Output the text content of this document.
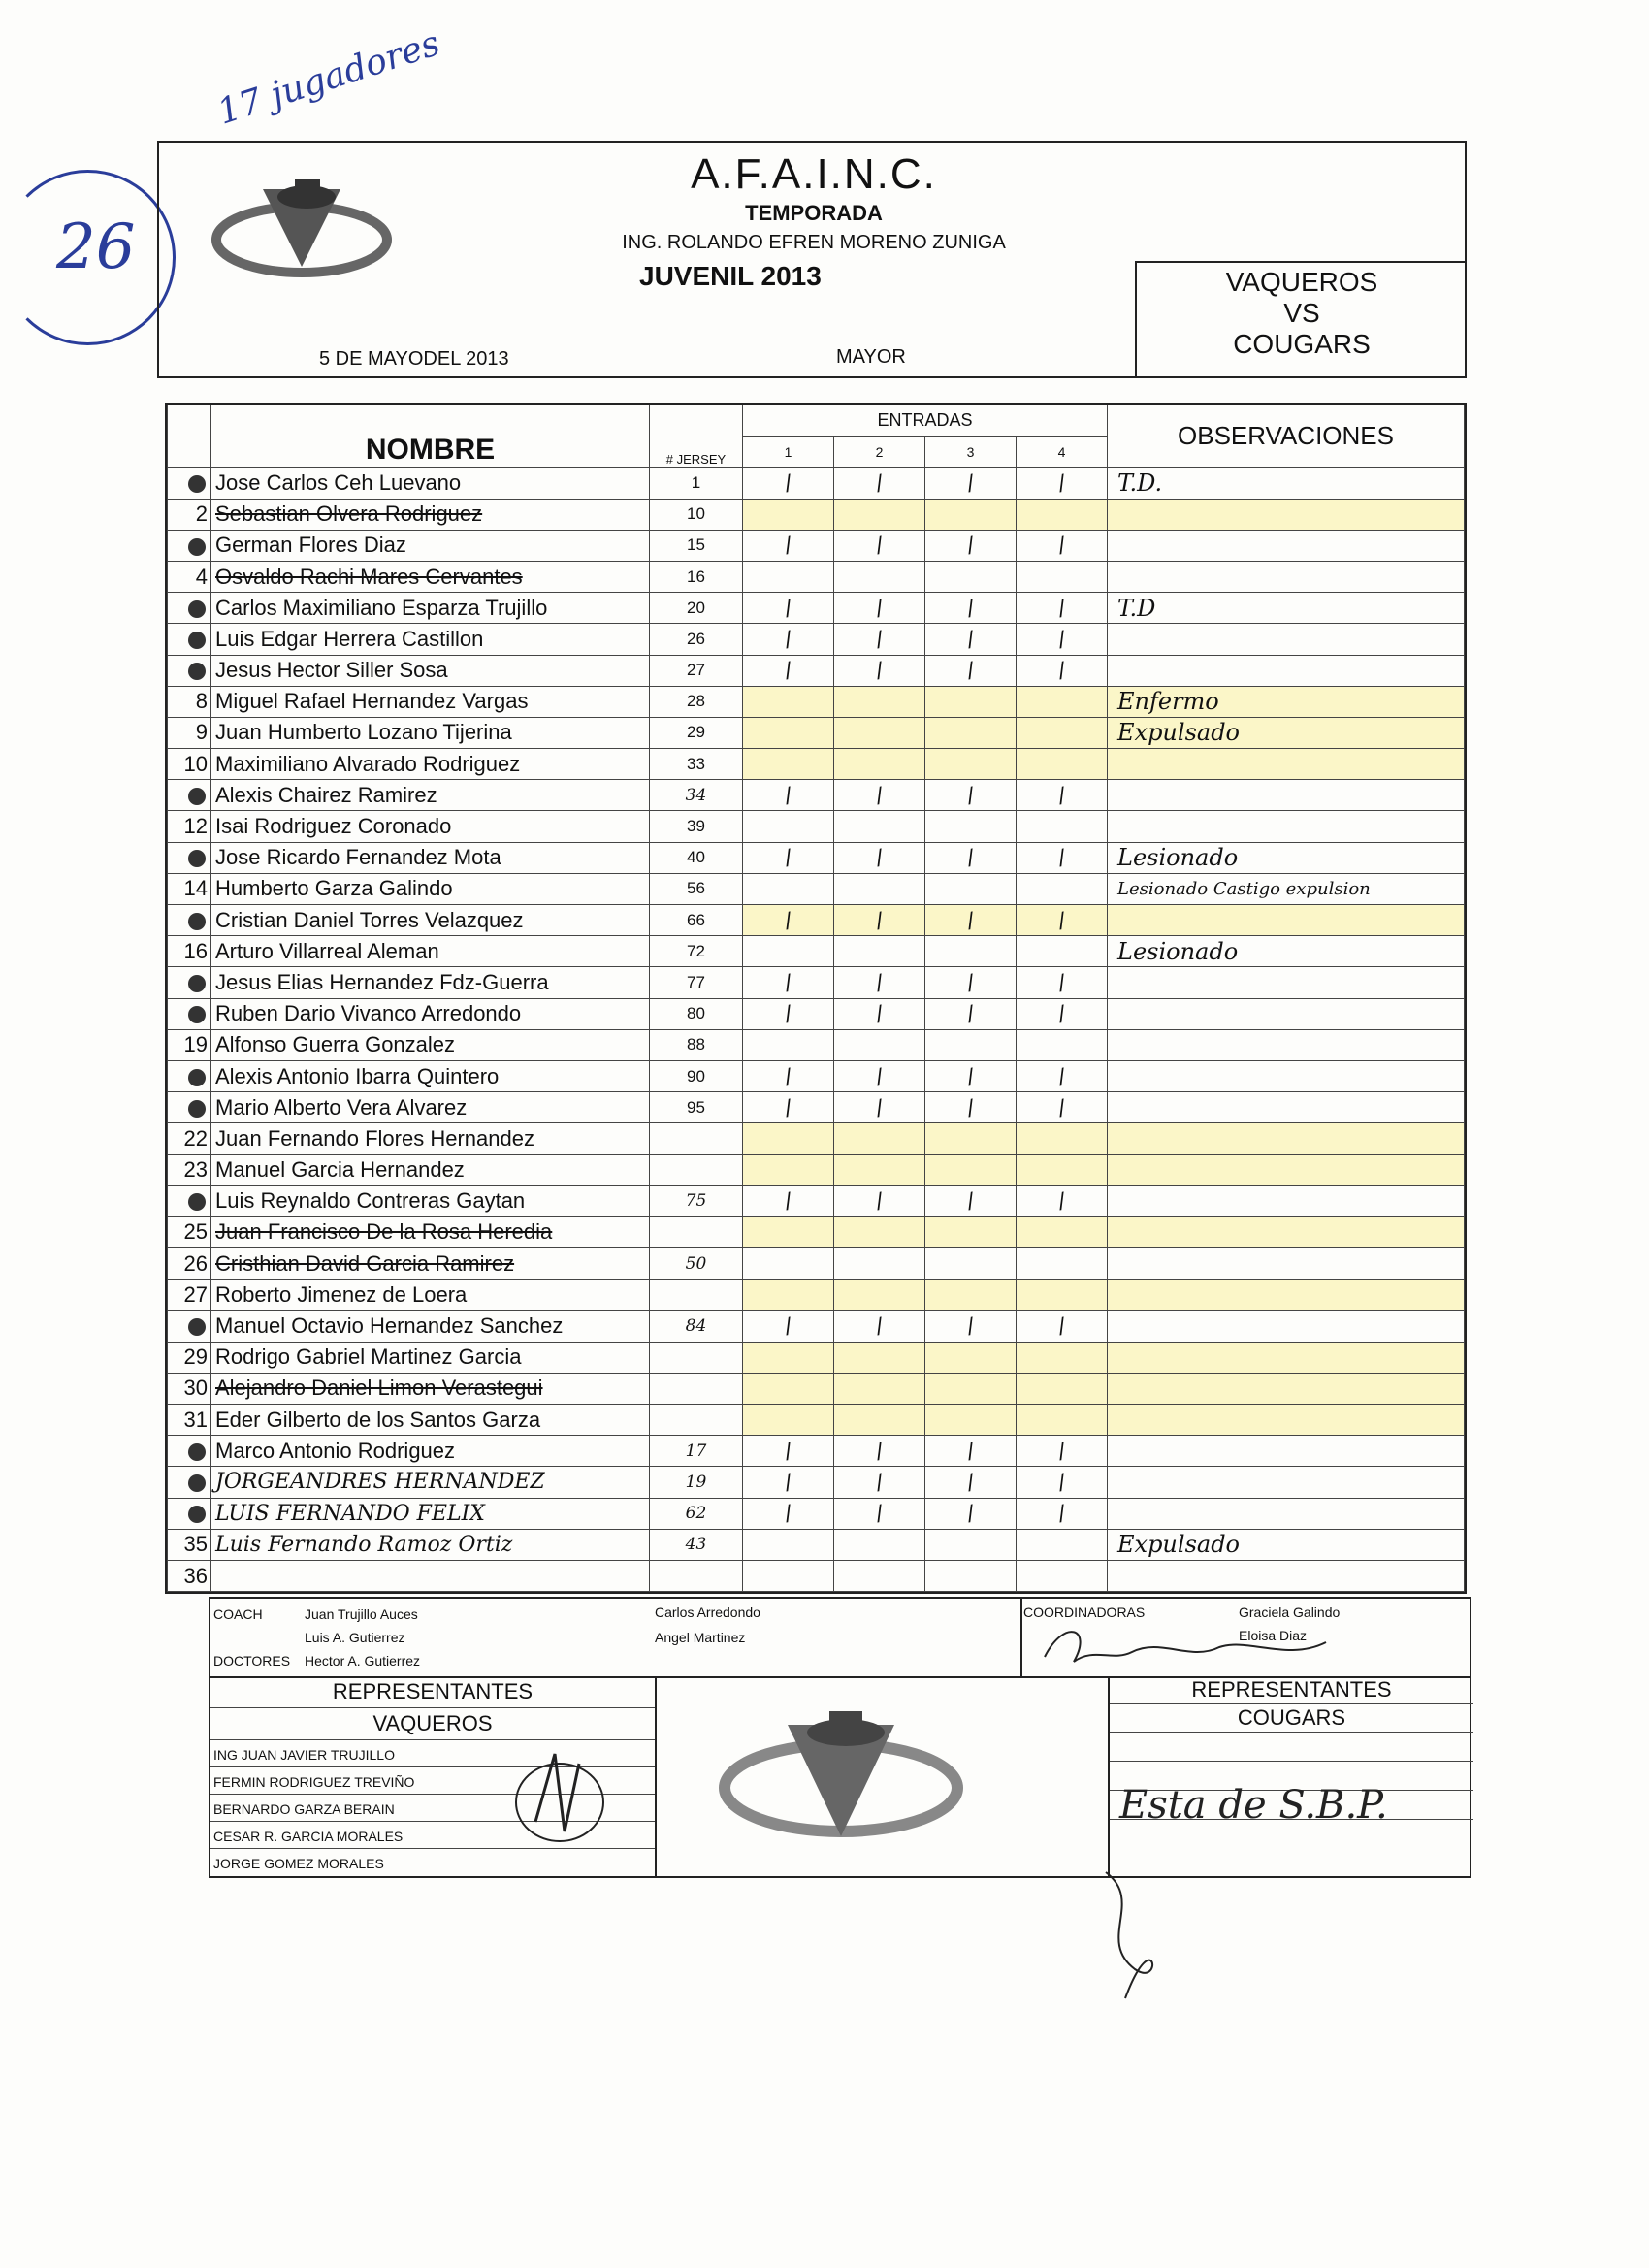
17 jugadores
26
A.F.A.I.N.C.
TEMPORADA
ING. ROLANDO EFREN MORENO ZUNIGA
JUVENIL 2013
5 DE MAYODEL 2013	MAYOR
VAQUEROS
VS
COUGARS
	NOMBRE	# JERSEY	ENTRADAS				OBSERVACIONES
			1	2	3	4	
	Jose Carlos Ceh Luevano	1	/	/	/	/	T.D.
2	Sebastian Olvera Rodriguez	10					
	German Flores Diaz	15	/	/	/	/	
4	Osvaldo Rachi Mares Cervantes	16					
	Carlos Maximiliano Esparza Trujillo	20	/	/	/	/	T.D
	Luis Edgar Herrera Castillon	26	/	/	/	/	
	Jesus Hector Siller Sosa	27	/	/	/	/	
8	Miguel Rafael Hernandez Vargas	28					Enfermo
9	Juan Humberto Lozano Tijerina	29					Expulsado
10	Maximiliano Alvarado Rodriguez	33					
	Alexis Chairez Ramirez	34	/	/	/	/	
12	Isai Rodriguez Coronado	39					
	Jose Ricardo Fernandez Mota	40	/	/	/	/	Lesionado
14	Humberto Garza Galindo	56					Lesionado Castigo expulsion
	Cristian Daniel Torres Velazquez	66	/	/	/	/	
16	Arturo Villarreal Aleman	72					Lesionado
	Jesus Elias Hernandez Fdz-Guerra	77	/	/	/	/	
	Ruben Dario Vivanco Arredondo	80	/	/	/	/	
19	Alfonso Guerra Gonzalez	88					
	Alexis Antonio Ibarra Quintero	90	/	/	/	/	
	Mario Alberto Vera Alvarez	95	/	/	/	/	
22	Juan Fernando Flores Hernandez						
23	Manuel Garcia Hernandez						
	Luis Reynaldo Contreras Gaytan	75	/	/	/	/	
25	Juan Francisco De la Rosa Heredia						
26	Cristhian David Garcia Ramirez	50					
27	Roberto Jimenez de Loera						
	Manuel Octavio Hernandez Sanchez	84	/	/	/	/	
29	Rodrigo Gabriel Martinez Garcia						
30	Alejandro Daniel Limon Verastegui						
31	Eder Gilberto de los Santos Garza						
	Marco Antonio Rodriguez	17	/	/	/	/	
	JORGEANDRES HERNANDEZ	19	/	/	/	/	
	LUIS FERNANDO FELIX	62	/	/	/	/	
35	Luis Fernando Ramoz Ortiz	43					Expulsado
36							
COACH	Juan Trujillo Auces
Luis A. Gutierrez
DOCTORES Hector A. Gutierrez
Carlos Arredondo
Angel Martinez
COORDINADORAS	Graciela Galindo
Eloisa Diaz
REPRESENTANTES
VAQUEROS
ING JUAN JAVIER TRUJILLO
FERMIN RODRIGUEZ TREVIÑO
BERNARDO GARZA BERAIN
CESAR R. GARCIA MORALES
JORGE GOMEZ MORALES
REPRESENTANTES
COUGARS
Esta de S.B.P.
